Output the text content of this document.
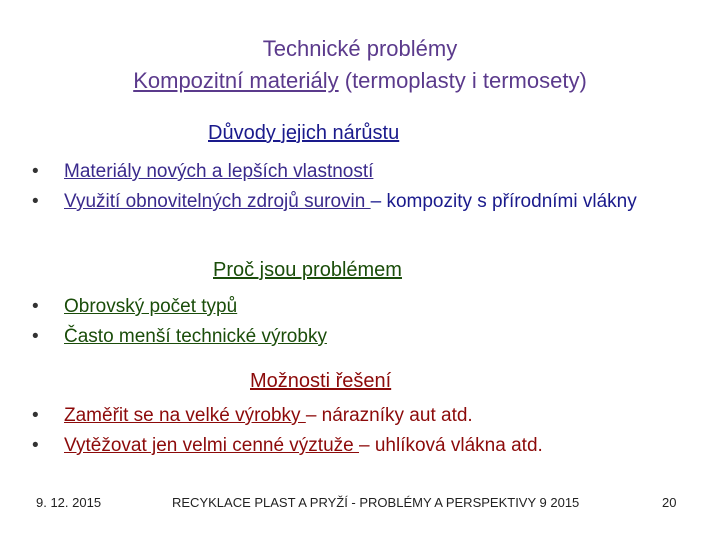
Technické problémy
Kompozitní materiály (termoplasty i termosety)
Důvody jejich nárůstu
• Materiály nových a lepších vlastností
• Využití obnovitelných zdrojů surovin – kompozity s přírodními vlákny
Proč jsou problémem
• Obrovský počet typů
• Často menší technické výrobky
Možnosti řešení
• Zaměřit se na velké výrobky – nárazníky aut atd.
• Vytěžovat jen velmi cenné výztuže – uhlíková vlákna atd.
9. 12. 2015	RECYKLACE PLAST A PRYŽÍ - PROBLÉMY A PERSPEKTIVY 9 2015	20
